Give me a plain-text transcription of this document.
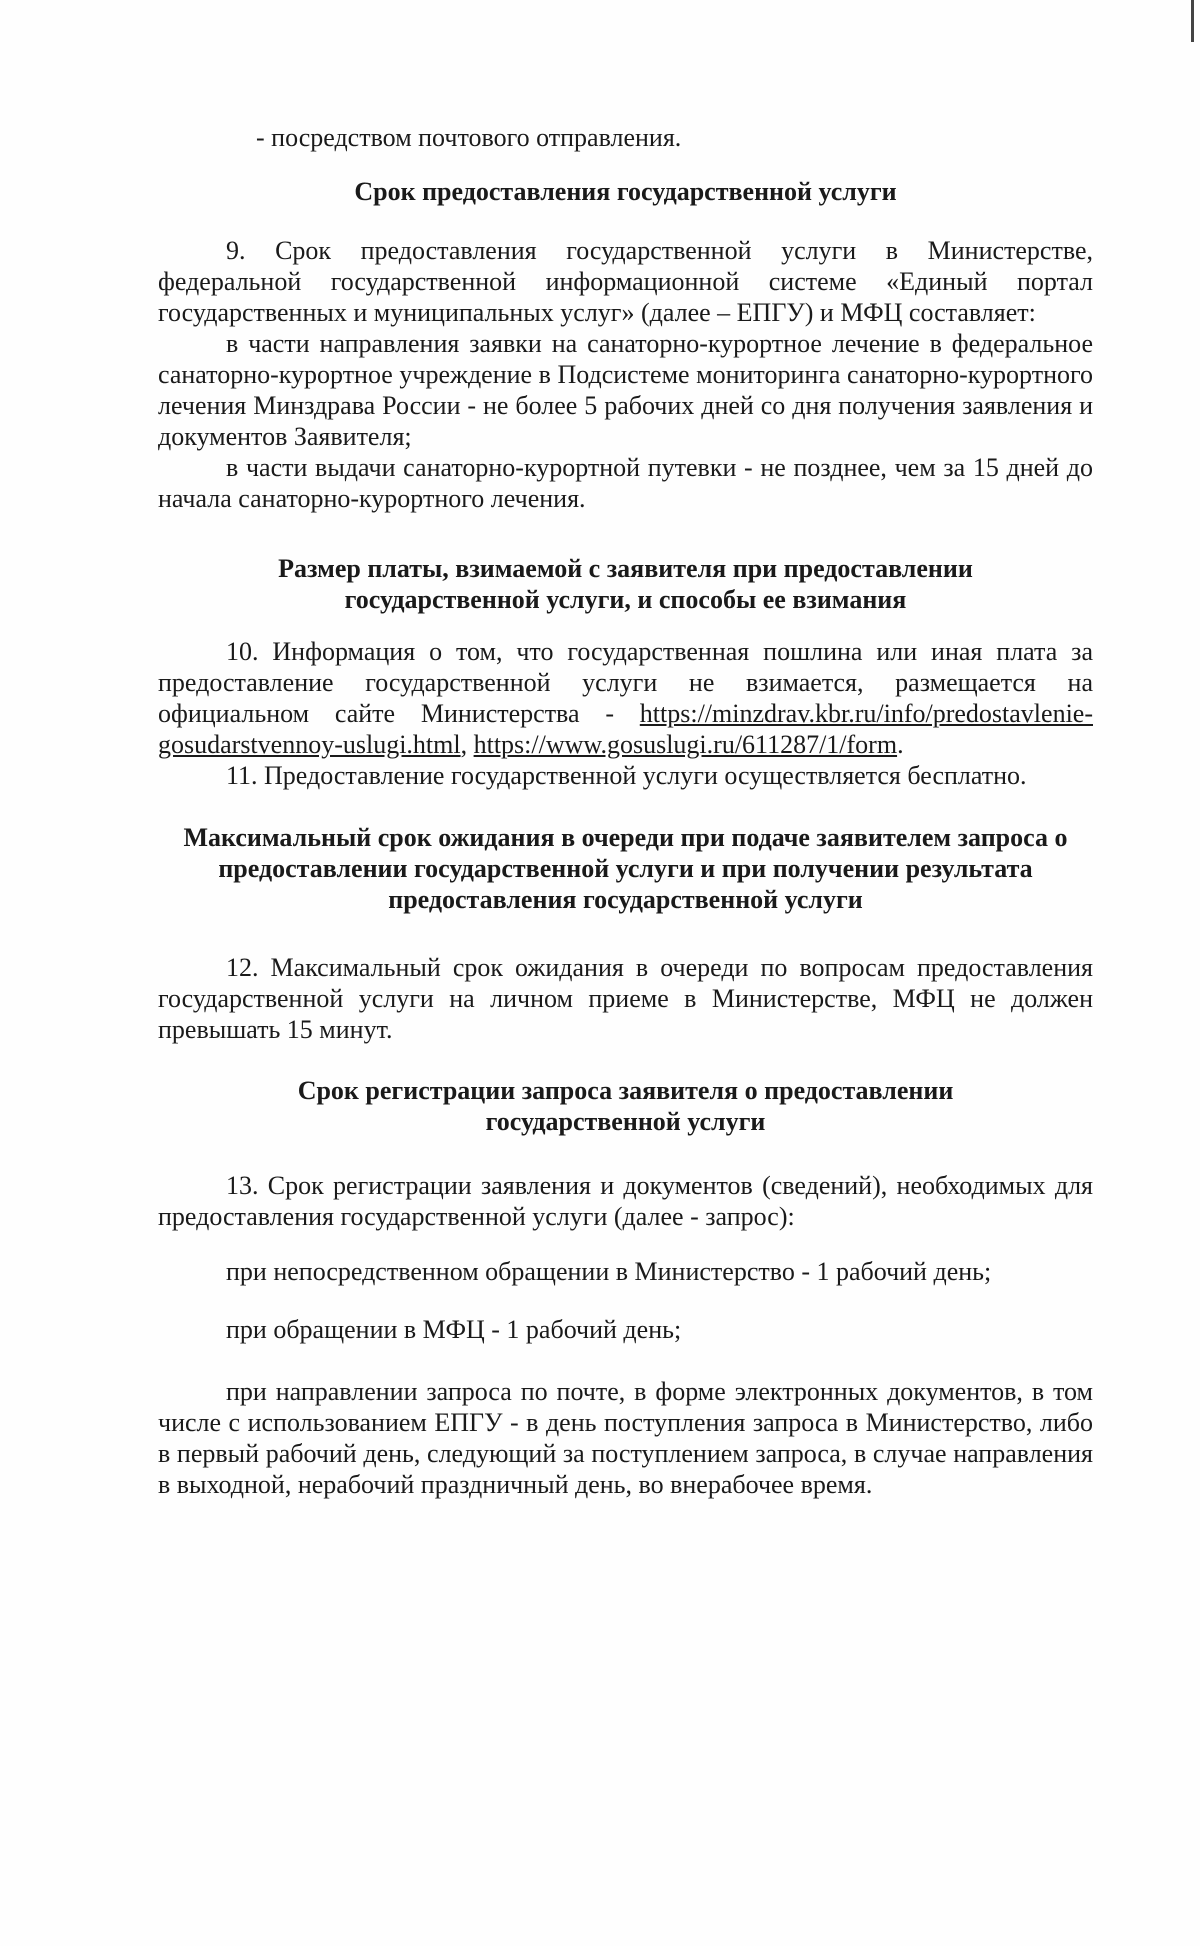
- посредством почтового отправления.

Срок предоставления государственной услуги

9. Срок предоставления государственной услуги в Министерстве, федеральной государственной информационной системе «Единый портал государственных и муниципальных услуг» (далее – ЕПГУ) и МФЦ составляет:

в части направления заявки на санаторно-курортное лечение в федеральное санаторно-курортное учреждение в Подсистеме мониторинга санаторно-курортного лечения Минздрава России - не более 5 рабочих дней со дня получения заявления и документов Заявителя;

в части выдачи санаторно-курортной путевки - не позднее, чем за 15 дней до начала санаторно-курортного лечения.

Размер платы, взимаемой с заявителя при предоставлении

государственной услуги, и способы ее взимания

10. Информация о том, что государственная пошлина или иная плата за предоставление государственной услуги не взимается, размещается на официальном сайте Министерства - https://minzdrav.kbr.ru/info/predostavlenie-gosudarstvennoy-uslugi.html, https://www.gosuslugi.ru/611287/1/form.

11. Предоставление государственной услуги осуществляется бесплатно.

Максимальный срок ожидания в очереди при подаче заявителем запроса о

предоставлении государственной услуги и при получении результата

предоставления государственной услуги

12. Максимальный срок ожидания в очереди по вопросам предоставления государственной услуги на личном приеме в Министерстве, МФЦ не должен превышать 15 минут.

Срок регистрации запроса заявителя о предоставлении

государственной услуги

13. Срок регистрации заявления и документов (сведений), необходимых для предоставления государственной услуги (далее - запрос):

при непосредственном обращении в Министерство - 1 рабочий день;

при обращении в МФЦ - 1 рабочий день;

при направлении запроса по почте, в форме электронных документов, в том числе с использованием ЕПГУ - в день поступления запроса в Министерство, либо в первый рабочий день, следующий за поступлением запроса, в случае направления в выходной, нерабочий праздничный день, во внерабочее время.
